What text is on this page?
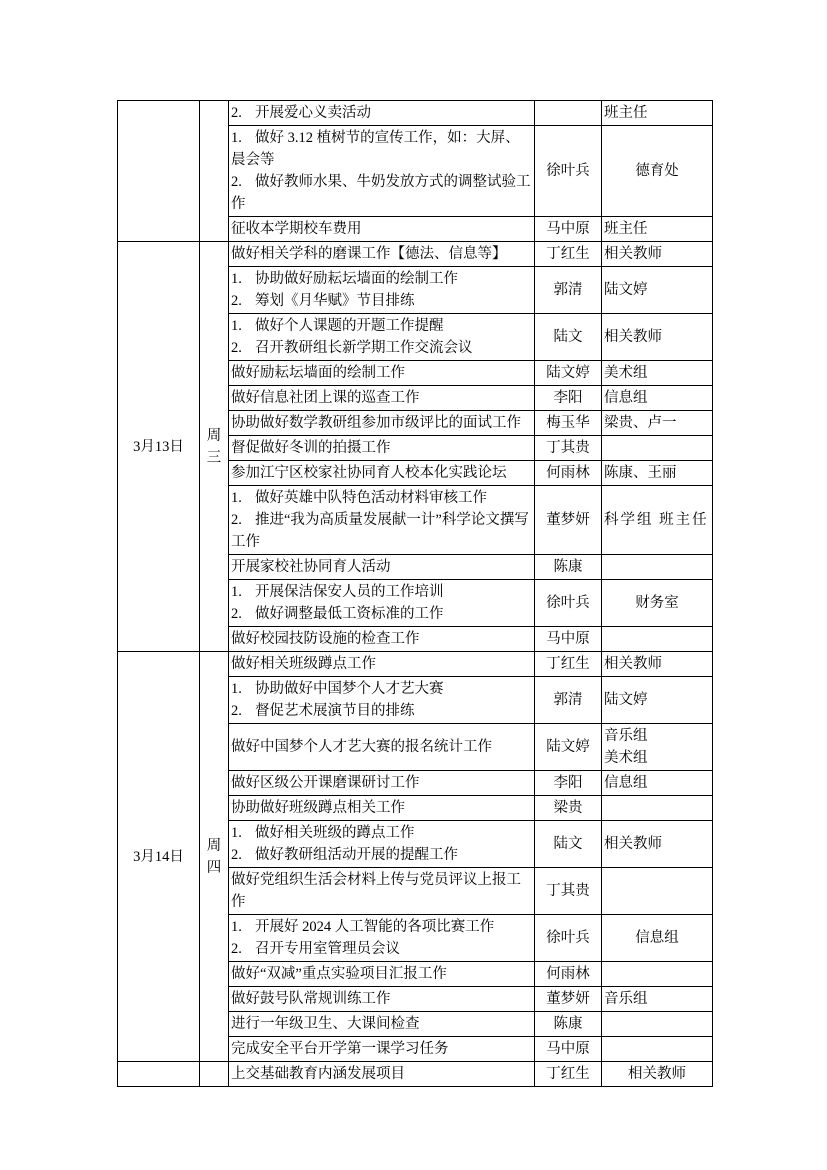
		2. 开展爱心义卖活动		班主任

		1. 做好 3.12 植树节的宣传工作，如：大屏、晨会等
2. 做好教师水果、牛奶发放方式的调整试验工作	徐叶兵	德育处

		征收本学期校车费用	马中原	班主任

3月13日	周三	做好相关学科的磨课工作【德法、信息等】	丁红生	相关教师

		1. 协助做好励耘坛墙面的绘制工作
2. 筹划《月华赋》节目排练	郭清	陆文婷

		1. 做好个人课题的开题工作提醒
2. 召开教研组长新学期工作交流会议	陆文	相关教师

		做好励耘坛墙面的绘制工作	陆文婷	美术组

		做好信息社团上课的巡查工作	李阳	信息组

		协助做好数学教研组参加市级评比的面试工作	梅玉华	梁贵、卢一

		督促做好冬训的拍摄工作	丁其贵	

		参加江宁区校家社协同育人校本化实践论坛	何雨林	陈康、王丽

		1. 做好英雄中队特色活动材料审核工作
2. 推进“我为高质量发展献一计”科学论文撰写工作	董梦妍	科学组 班主任

		开展家校社协同育人活动	陈康	

		1. 开展保洁保安人员的工作培训
2. 做好调整最低工资标准的工作	徐叶兵	财务室

		做好校园技防设施的检查工作	马中原	
3月14日	周四	做好相关班级蹲点工作	丁红生	相关教师

		1. 协助做好中国梦个人才艺大赛
2. 督促艺术展演节目的排练	郭清	陆文婷

		做好中国梦个人才艺大赛的报名统计工作	陆文婷	音乐组
美术组

		做好区级公开课磨课研讨工作	李阳	信息组

		协助做好班级蹲点相关工作	梁贵	

		1. 做好相关班级的蹲点工作
2. 做好教研组活动开展的提醒工作	陆文	相关教师

		做好党组织生活会材料上传与党员评议上报工作	丁其贵	

		1. 开展好 2024 人工智能的各项比赛工作
2. 召开专用室管理员会议	徐叶兵	信息组

		做好“双减”重点实验项目汇报工作	何雨林	

		做好鼓号队常规训练工作	董梦妍	音乐组

		进行一年级卫生、大课间检查	陈康	

		完成安全平台开学第一课学习任务	马中原	

		上交基础教育内涵发展项目	丁红生	相关教师
